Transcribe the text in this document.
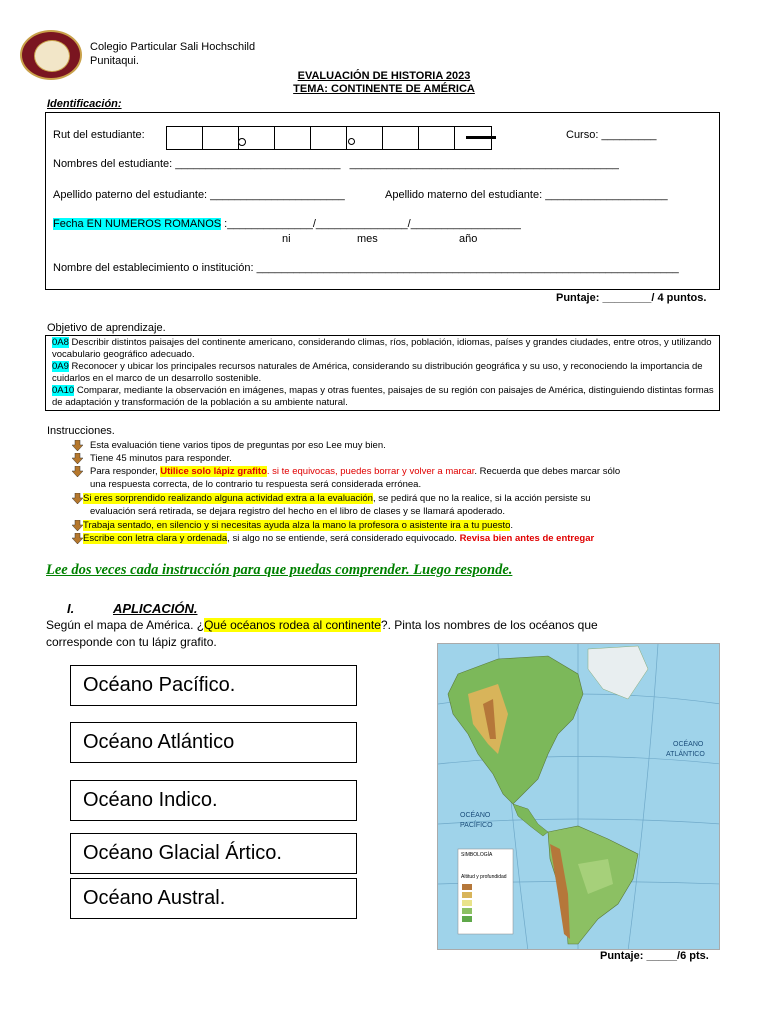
Colegio Particular Sali Hochschild
Punitaqui.
EVALUACIÓN DE HISTORIA 2023
TEMA: CONTINENTE DE AMÉRICA
Identificación:
Rut del estudiante:	Curso: _________
Nombres del estudiante: ___________________________   ____________________________________________
Apellido paterno del estudiante: ______________________	Apellido materno del estudiante: ____________________
Fecha EN NUMEROS ROMANOS :______________/_______________/__________________
ni	mes	año
Nombre del establecimiento o institución: _____________________________________________________________________
Puntaje: ________/ 4 puntos.
Objetivo de aprendizaje.
0A8 Describir distintos paisajes del continente americano, considerando climas, ríos, población, idiomas, países y grandes ciudades, entre otros, y utilizando vocabulario geográfico adecuado.
0A9 Reconocer y ubicar los principales recursos naturales de América, considerando su distribución geográfica y su uso, y reconociendo la importancia de cuidarlos en el marco de un desarrollo sostenible.
0A10 Comparar, mediante la observación en imágenes, mapas y otras fuentes, paisajes de su región con paisajes de América, distinguiendo distintas formas de adaptación y transformación de la población a su ambiente natural.
Instrucciones.
Esta evaluación tiene varios tipos de preguntas por eso Lee muy bien.
Tiene 45 minutos para responder.
Para responder, Utilice solo lápiz grafito. si te equivocas, puedes borrar y volver a marcar. Recuerda que debes marcar sólo
una respuesta correcta, de lo contrario tu respuesta será considerada errónea.
Si eres sorprendido realizando alguna actividad extra a la evaluación, se pedirá que no la realice, si la acción persiste su
evaluación será retirada, se dejara registro del hecho en el libro de clases y se llamará apoderado.
Trabaja sentado, en silencio y si necesitas ayuda alza la mano la profesora o asistente ira a tu puesto.
Escribe con letra clara y ordenada, si algo no se entiende, será considerado equivocado. Revisa bien antes de entregar
Lee dos veces cada instrucción para que puedas comprender. Luego responde.
I.	APLICACIÓN.
Según el mapa de América. ¿Qué océanos rodea al continente?. Pinta los nombres de los océanos que
corresponde con tu lápiz grafito.
Océano Pacífico.
Océano Atlántico
Océano Indico.
Océano Glacial Ártico.
Océano Austral.
OCÉANO
ATLÁNTICO
OCÉANO
PACÍFICO
SIMBOLOGÍA
Altitud y profundidad
Puntaje: _____/6 pts.
